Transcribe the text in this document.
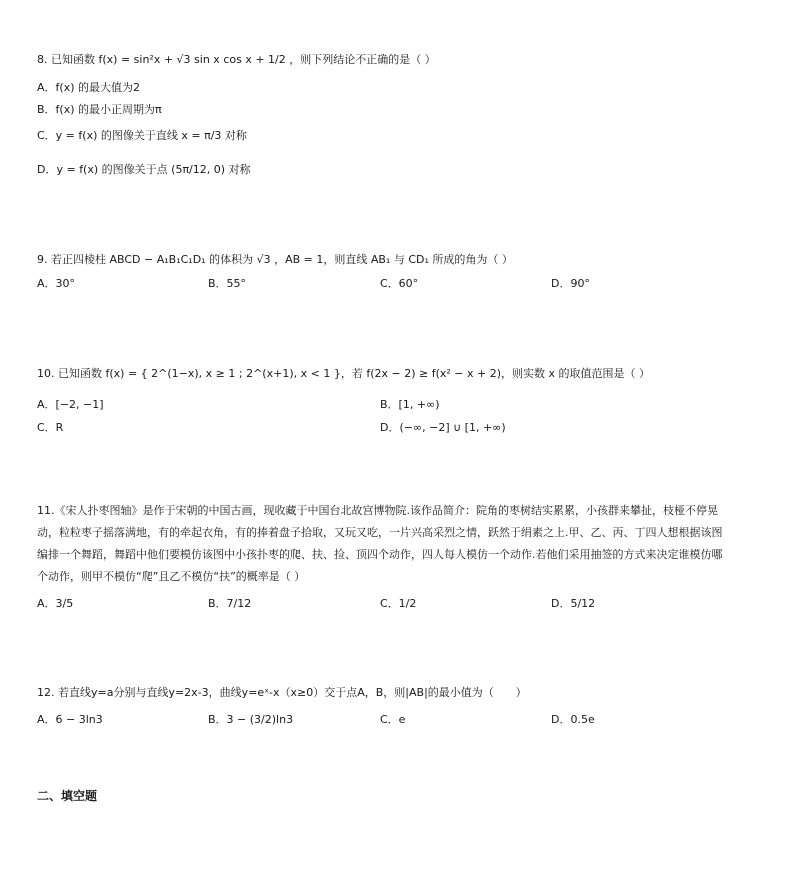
8. 已知函数 f(x) = sin²x + √3 sin x cos x + 1/2 ，则下列结论不正确的是（ ）
A．f(x) 的最大值为2
B．f(x) 的最小正周期为π
C．y = f(x) 的图像关于直线 x = π/3 对称
D．y = f(x) 的图像关于点 (5π/12, 0) 对称
9. 若正四棱柱 ABCD − A₁B₁C₁D₁ 的体积为 √3 ，AB = 1，则直线 AB₁ 与 CD₁ 所成的角为（ ）
A．30°	B．55°	C．60°	D．90°
10. 已知函数 f(x) = { 2^(1−x), x ≥ 1 ; 2^(x+1), x < 1 }，若 f(2x − 2) ≥ f(x² − x + 2)，则实数 x 的取值范围是（ ）
A．[−2, −1]	B．[1, +∞)
C．R	D．(−∞, −2] ∪ [1, +∞)
11.《宋人扑枣图轴》是作于宋朝的中国古画，现收藏于中国台北故宫博物院.该作品简介：院角的枣树结实累累，小孩群来攀扯，枝桠不停晃
动，粒粒枣子摇落满地，有的牵起衣角，有的捧着盘子拾取，又玩又吃，一片兴高采烈之情，跃然于绢素之上.甲、乙、丙、丁四人想根据该图
编排一个舞蹈，舞蹈中他们要模仿该图中小孩扑枣的爬、扶、捡、顶四个动作，四人每人模仿一个动作.若他们采用抽签的方式来决定谁模仿哪
个动作，则甲不模仿“爬”且乙不模仿“扶”的概率是（ ）
A．3/5	B．7/12	C．1/2	D．5/12
12. 若直线y=a分别与直线y=2x-3，曲线y=eˣ-x（x≥0）交于点A，B，则|AB|的最小值为（　　）
A．6 − 3ln3	B．3 − (3/2)ln3	C．e	D．0.5e
二、填空题
